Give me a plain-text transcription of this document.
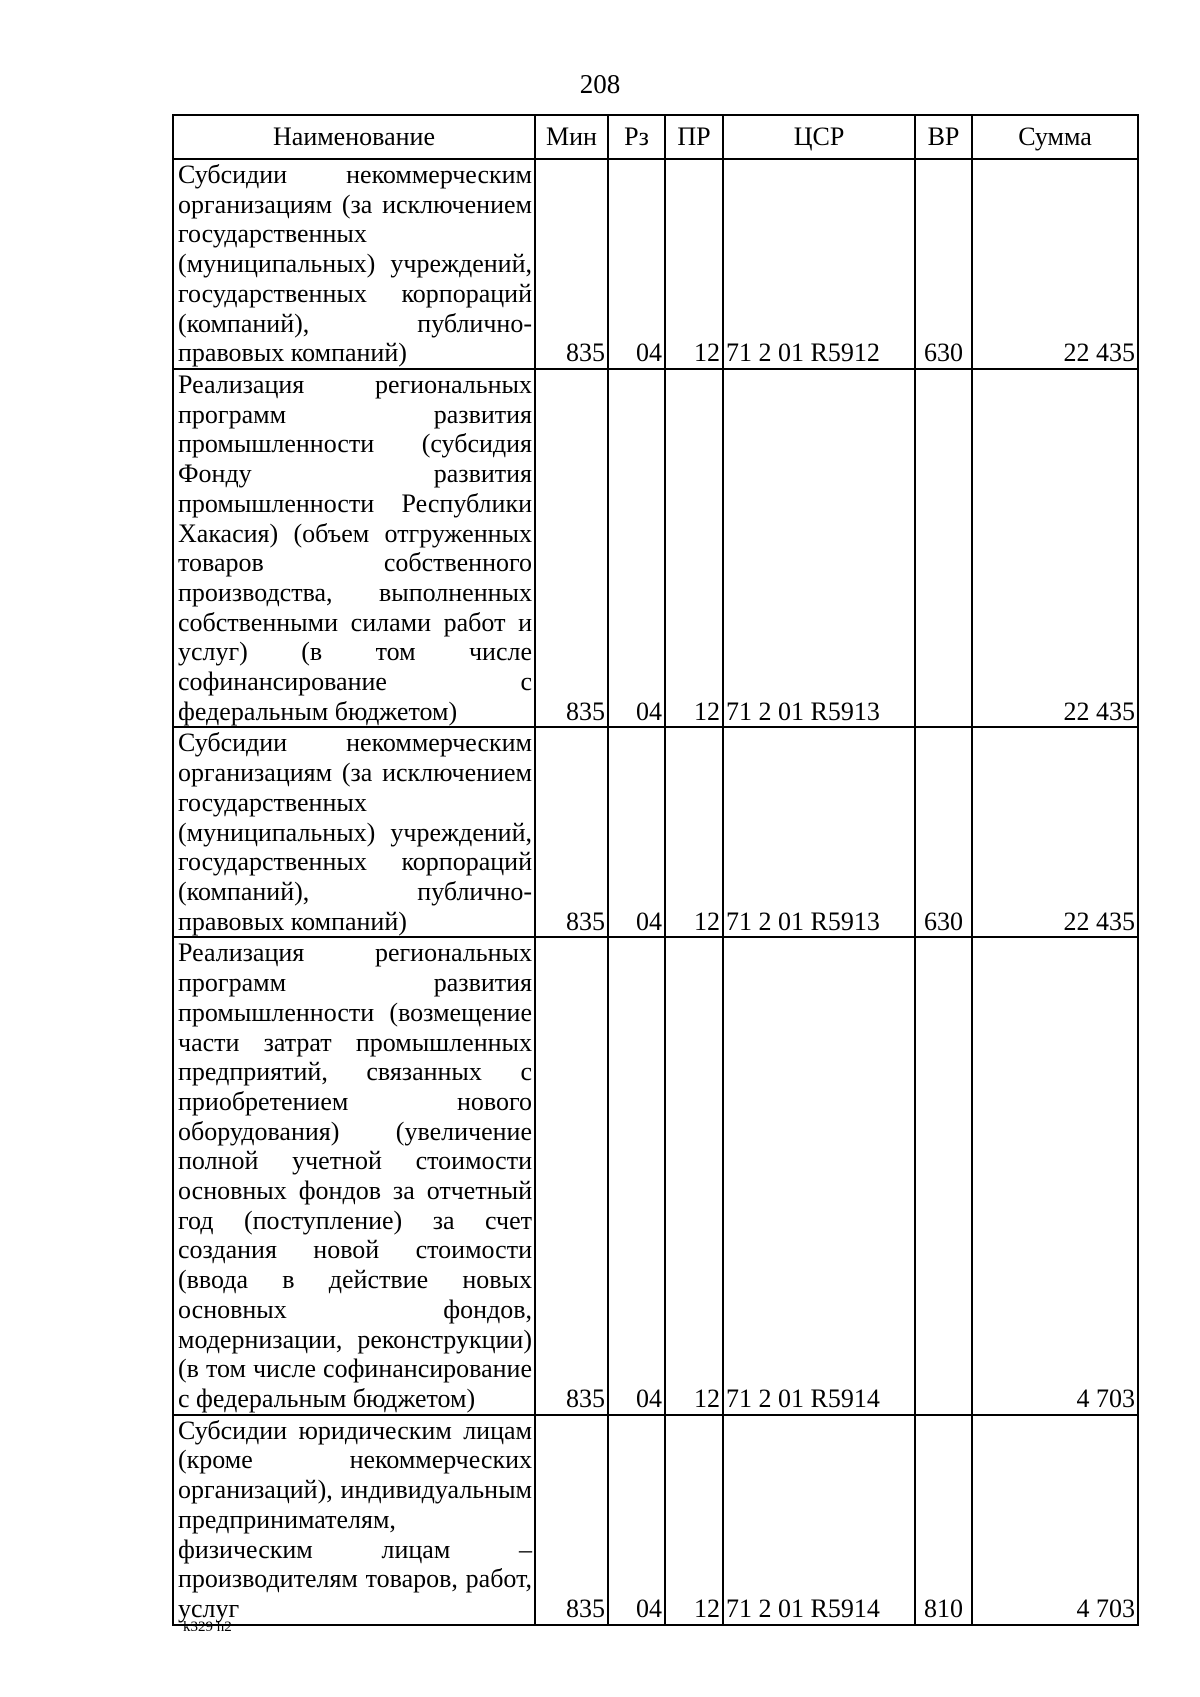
208
Наименование	Мин	Рз	ПР	ЦСР	ВР	Сумма
Субсидии некоммерческим организациям (за исключением государственных (муниципальных) учреждений, государственных корпораций (компаний), публично-правовых компаний)	835	04	12	71 2 01 R5912	630	22 435
Реализация региональных программ развития промышленности (субсидия Фонду развития промышленности Республики Хакасия) (объем отгруженных товаров собственного производства, выполненных собственными силами работ и услуг) (в том числе софинансирование с федеральным бюджетом)	835	04	12	71 2 01 R5913		22 435
Субсидии некоммерческим организациям (за исключением государственных (муниципальных) учреждений, государственных корпораций (компаний), публично-правовых компаний)	835	04	12	71 2 01 R5913	630	22 435
Реализация региональных программ развития промышленности (возмещение части затрат промышленных предприятий, связанных с приобретением нового оборудования) (увеличение полной учетной стоимости основных фондов за отчетный год (поступление) за счет создания новой стоимости (ввода в действие новых основных фондов, модернизации, реконструкции) (в том числе софинансирование с федеральным бюджетом)	835	04	12	71 2 01 R5914		4 703
Субсидии юридическим лицам (кроме некоммерческих организаций), индивидуальным предпринимателям, физическим лицам – производителям товаров, работ, услуг	835	04	12	71 2 01 R5914	810	4 703
k329 h2
